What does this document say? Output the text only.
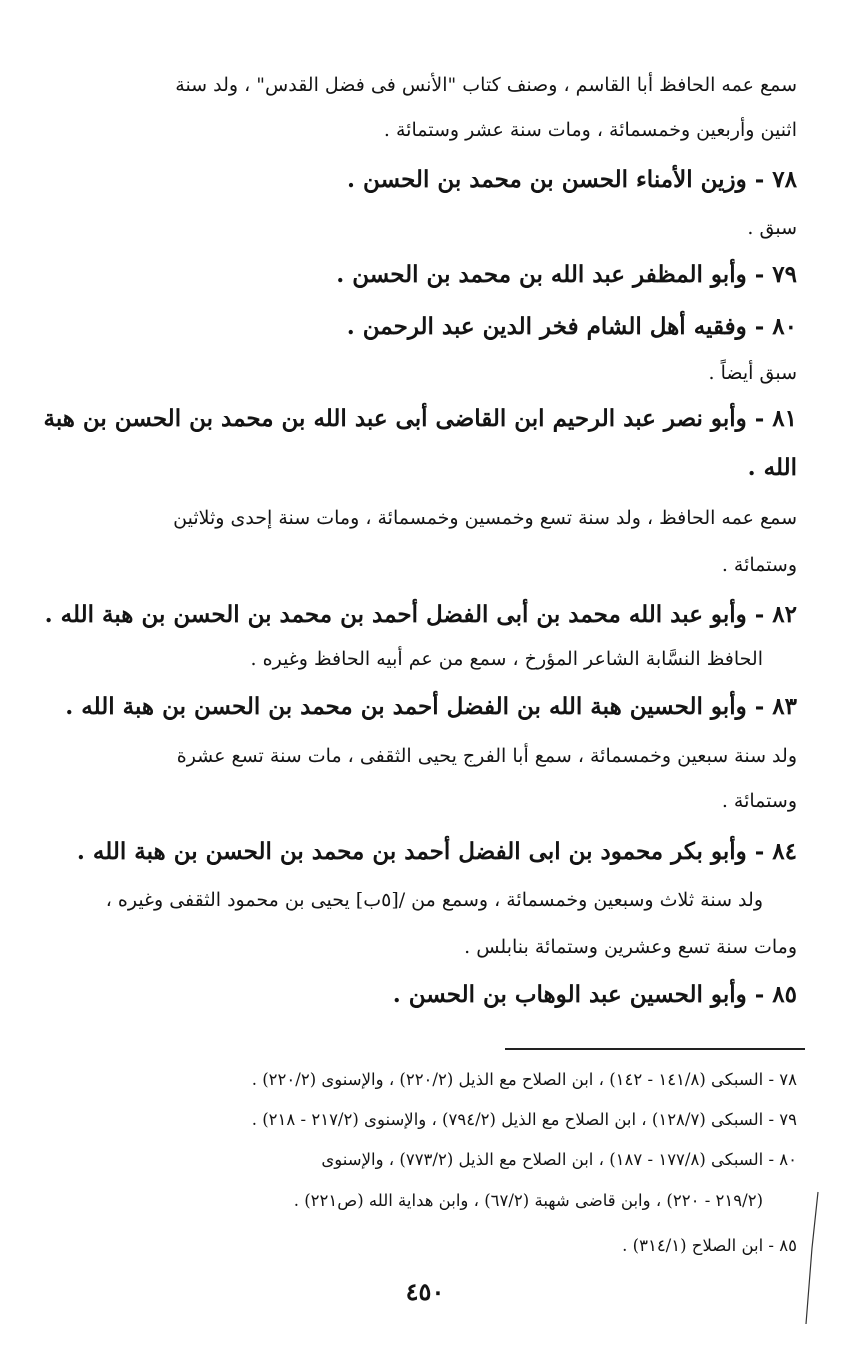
سمع عمه الحافظ أبا القاسم ، وصنف كتاب "الأنس فى فضل القدس" ، ولد سنة
اثنين وأربعين وخمسمائة ، ومات سنة عشر وستمائة .
٧٨ - وزين الأمناء الحسن بن محمد بن الحسن .
سبق .
٧٩ - وأبو المظفر عبد الله بن محمد بن الحسن .
٨٠ - وفقيه أهل الشام فخر الدين عبد الرحمن .
سبق أيضاً .
٨١ - وأبو نصر عبد الرحيم ابن القاضى أبى عبد الله بن محمد بن الحسن بن هبة
الله .
سمع عمه الحافظ ، ولد سنة تسع وخمسين وخمسمائة ، ومات سنة إحدى وثلاثين
وستمائة .
٨٢ - وأبو عبد الله محمد بن أبى الفضل أحمد بن محمد بن الحسن بن هبة الله .
الحافظ النسَّابة الشاعر المؤرخ ، سمع من عم أبيه الحافظ وغيره .
٨٣ - وأبو الحسين هبة الله بن الفضل أحمد بن محمد بن الحسن بن هبة الله .
ولد سنة سبعين وخمسمائة ، سمع أبا الفرج يحيى الثقفى ، مات سنة تسع عشرة
وستمائة .
٨٤ - وأبو بكر محمود بن ابى الفضل أحمد بن محمد بن الحسن بن هبة الله .
ولد سنة ثلاث وسبعين وخمسمائة ، وسمع من /[٥ب] يحيى بن محمود الثقفى وغيره ،
ومات سنة تسع وعشرين وستمائة بنابلس .
٨٥ - وأبو الحسين عبد الوهاب بن الحسن .
٧٨ - السبكى (١٤١/٨ - ١٤٢) ، ابن الصلاح مع الذيل (٢٢٠/٢) ، والإسنوى (٢٢٠/٢) .
٧٩ - السبكى (١٢٨/٧) ، ابن الصلاح مع الذيل (٧٩٤/٢) ، والإسنوى (٢١٧/٢ - ٢١٨) .
٨٠ - السبكى (١٧٧/٨ - ١٨٧) ، ابن الصلاح مع الذيل (٧٧٣/٢) ، والإسنوى
(٢١٩/٢ - ٢٢٠) ، وابن قاضى شهبة (٦٧/٢) ، وابن هداية الله (ص٢٢١) .
٨٥ - ابن الصلاح (٣١٤/١) .
٤٥٠
